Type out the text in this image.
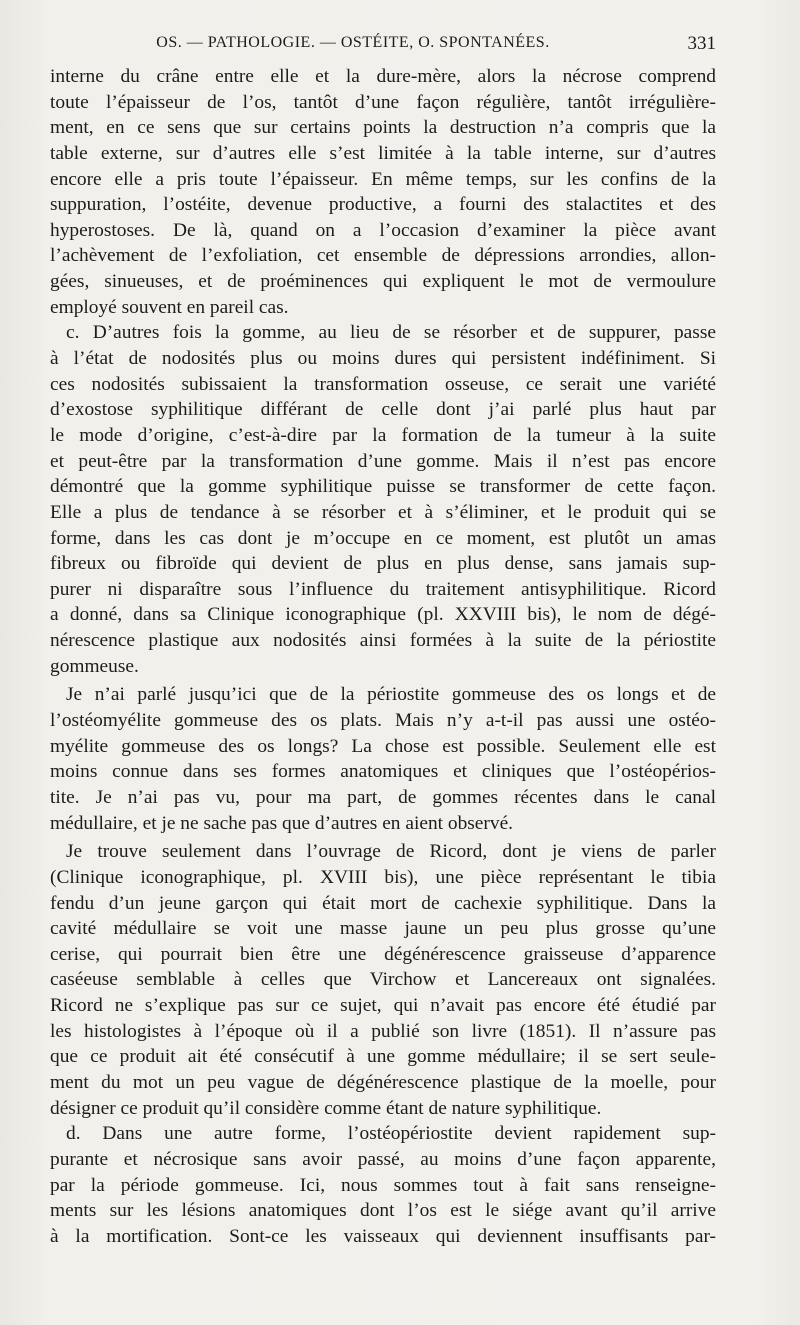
OS. — PATHOLOGIE. — OSTÉITE, O. SPONTANÉES.	331
interne du crâne entre elle et la dure-mère, alors la nécrose comprend
toute l’épaisseur de l’os, tantôt d’une façon régulière, tantôt irrégulière-
ment, en ce sens que sur certains points la destruction n’a compris que la
table externe, sur d’autres elle s’est limitée à la table interne, sur d’autres
encore elle a pris toute l’épaisseur. En même temps, sur les confins de la
suppuration, l’ostéite, devenue productive, a fourni des stalactites et des
hyperostoses. De là, quand on a l’occasion d’examiner la pièce avant
l’achèvement de l’exfoliation, cet ensemble de dépressions arrondies, allon-
gées, sinueuses, et de proéminences qui expliquent le mot de vermoulure
employé souvent en pareil cas.
c. D’autres fois la gomme, au lieu de se résorber et de suppurer, passe
à l’état de nodosités plus ou moins dures qui persistent indéfiniment. Si
ces nodosités subissaient la transformation osseuse, ce serait une variété
d’exostose syphilitique différant de celle dont j’ai parlé plus haut par
le mode d’origine, c’est-à-dire par la formation de la tumeur à la suite
et peut-être par la transformation d’une gomme. Mais il n’est pas encore
démontré que la gomme syphilitique puisse se transformer de cette façon.
Elle a plus de tendance à se résorber et à s’éliminer, et le produit qui se
forme, dans les cas dont je m’occupe en ce moment, est plutôt un amas
fibreux ou fibroïde qui devient de plus en plus dense, sans jamais sup-
purer ni disparaître sous l’influence du traitement antisyphilitique. Ricord
a donné, dans sa Clinique iconographique (pl. XXVIII bis), le nom de dégé-
nérescence plastique aux nodosités ainsi formées à la suite de la périostite
gommeuse.
Je n’ai parlé jusqu’ici que de la périostite gommeuse des os longs et de
l’ostéomyélite gommeuse des os plats. Mais n’y a-t-il pas aussi une ostéo-
myélite gommeuse des os longs? La chose est possible. Seulement elle est
moins connue dans ses formes anatomiques et cliniques que l’ostéopérios-
tite. Je n’ai pas vu, pour ma part, de gommes récentes dans le canal
médullaire, et je ne sache pas que d’autres en aient observé.
Je trouve seulement dans l’ouvrage de Ricord, dont je viens de parler
(Clinique iconographique, pl. XVIII bis), une pièce représentant le tibia
fendu d’un jeune garçon qui était mort de cachexie syphilitique. Dans la
cavité médullaire se voit une masse jaune un peu plus grosse qu’une
cerise, qui pourrait bien être une dégénérescence graisseuse d’apparence
caséeuse semblable à celles que Virchow et Lancereaux ont signalées.
Ricord ne s’explique pas sur ce sujet, qui n’avait pas encore été étudié par
les histologistes à l’époque où il a publié son livre (1851). Il n’assure pas
que ce produit ait été consécutif à une gomme médullaire; il se sert seule-
ment du mot un peu vague de dégénérescence plastique de la moelle, pour
désigner ce produit qu’il considère comme étant de nature syphilitique.
d. Dans une autre forme, l’ostéopériostite devient rapidement sup-
purante et nécrosique sans avoir passé, au moins d’une façon apparente,
par la période gommeuse. Ici, nous sommes tout à fait sans renseigne-
ments sur les lésions anatomiques dont l’os est le siége avant qu’il arrive
à la mortification. Sont-ce les vaisseaux qui deviennent insuffisants par-
